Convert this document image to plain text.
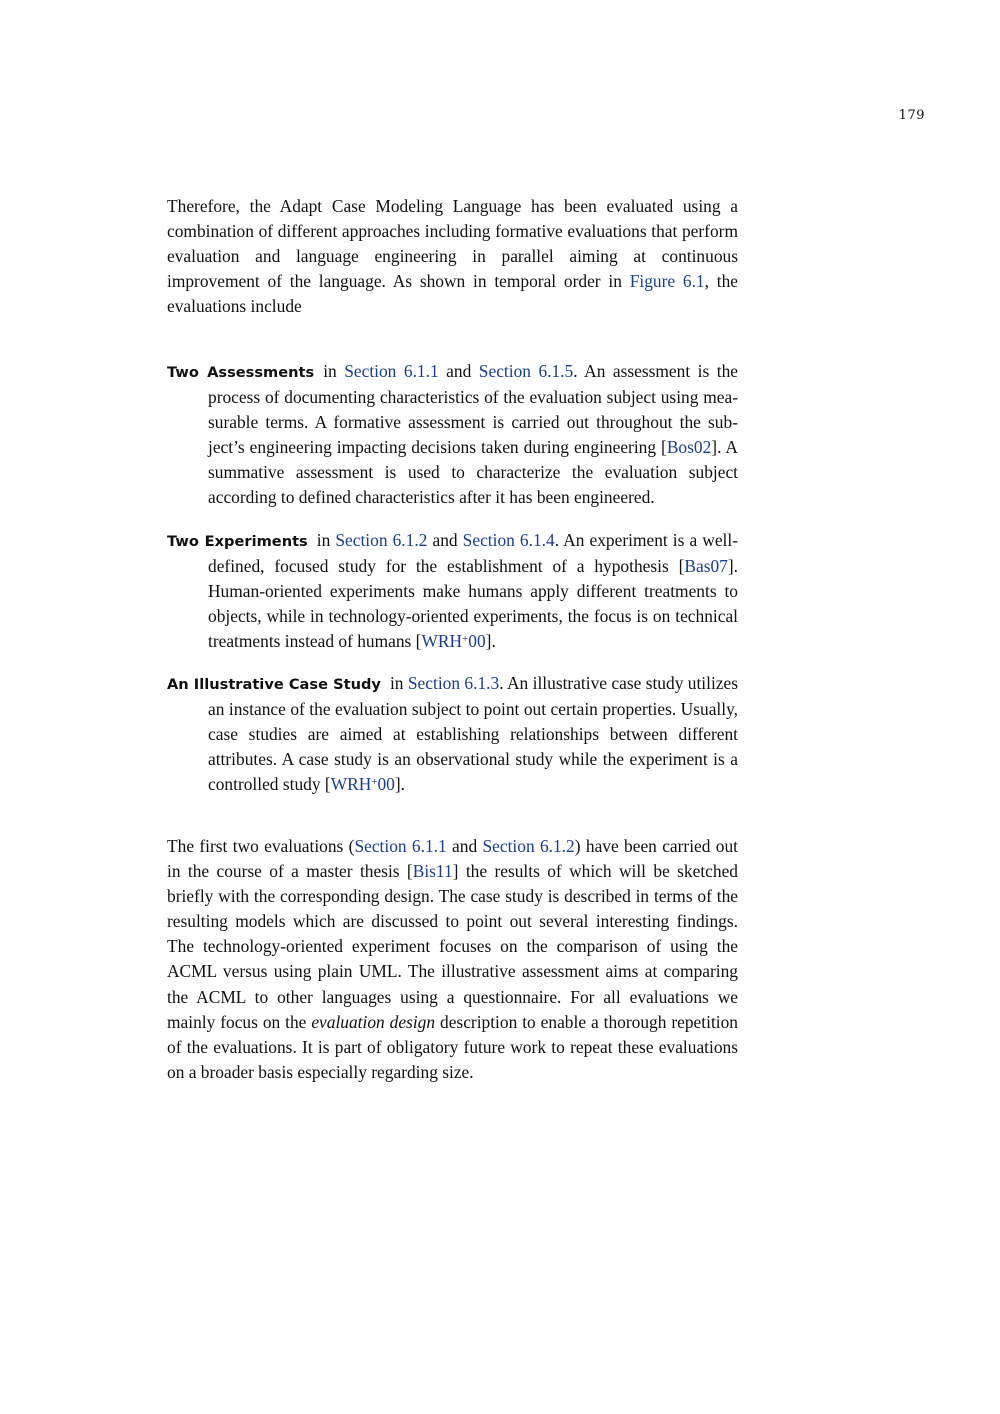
179
Therefore, the Adapt Case Modeling Language has been evaluated using a combination of different approaches including formative evaluations that perform evaluation and language engineering in parallel aiming at continuous improvement of the language. As shown in temporal order in Figure 6.1, the evaluations include
Two Assessments in Section 6.1.1 and Section 6.1.5. An assessment is the process of documenting characteristics of the evaluation subject using measurable terms. A formative assessment is carried out throughout the subject’s engineering impacting decisions taken during engineering [Bos02]. A summative assessment is used to characterize the evaluation subject according to defined characteristics after it has been engineered.
Two Experiments in Section 6.1.2 and Section 6.1.4. An experiment is a well-defined, focused study for the establishment of a hypothesis [Bas07]. Human-oriented experiments make humans apply different treatments to objects, while in technology-oriented experiments, the focus is on technical treatments instead of humans [WRH+00].
An Illustrative Case Study in Section 6.1.3. An illustrative case study utilizes an instance of the evaluation subject to point out certain properties. Usually, case studies are aimed at establishing relationships between different attributes. A case study is an observational study while the experiment is a controlled study [WRH+00].
The first two evaluations (Section 6.1.1 and Section 6.1.2) have been carried out in the course of a master thesis [Bis11] the results of which will be sketched briefly with the corresponding design. The case study is described in terms of the resulting models which are discussed to point out several interesting findings. The technology-oriented experiment focuses on the comparison of using the ACML versus using plain UML. The illustrative assessment aims at comparing the ACML to other languages using a questionnaire. For all evaluations we mainly focus on the evaluation design description to enable a thorough repetition of the evaluations. It is part of obligatory future work to repeat these evaluations on a broader basis especially regarding size.
